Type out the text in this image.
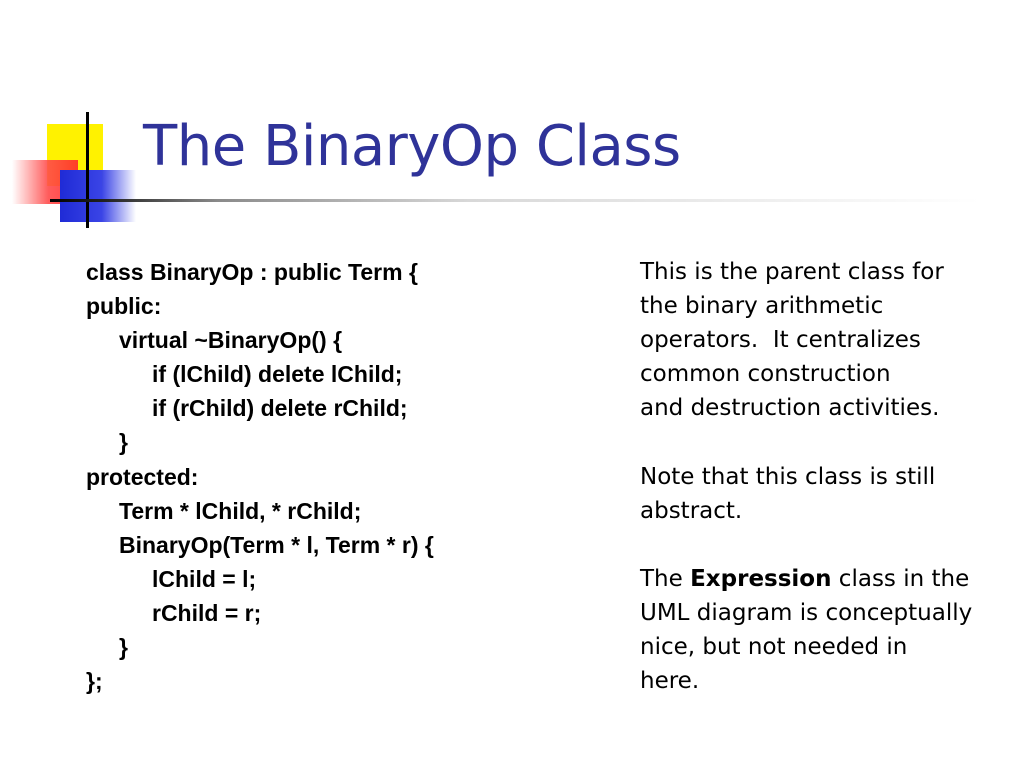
The BinaryOp Class
class BinaryOp : public Term {
public:
virtual ~BinaryOp() {
if (lChild) delete lChild;
if (rChild) delete rChild;
}
protected:
Term * lChild, * rChild;
BinaryOp(Term * l, Term * r) {
lChild = l;
rChild = r;
}
};
This is the parent class for
the binary arithmetic
operators.  It centralizes
common construction
and destruction activities.
Note that this class is still
abstract.
The Expression class in the
UML diagram is conceptually
nice, but not needed in
here.
